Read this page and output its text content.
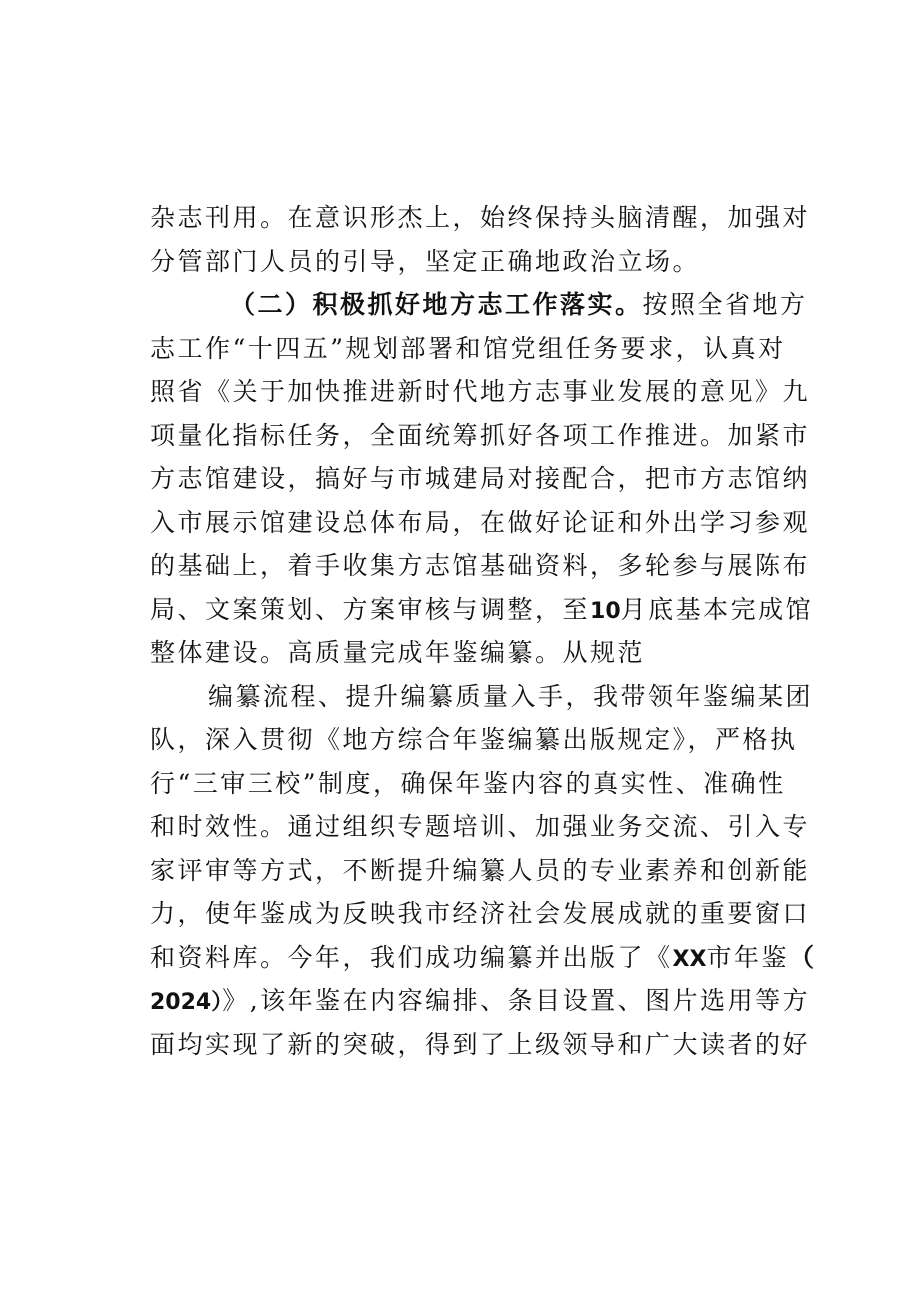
杂志刊用。在意识形杰上，始终保持头脑清醒，加强对
分管部门人员的引导，坚定正确地政治立场。
（二）积极抓好地方志工作落实。按照全省地方
志工作“十四五”规划部署和馆党组任务要求，认真对
照省《关于加快推进新时代地方志事业发展的意见》九
项量化指标任务，全面统筹抓好各项工作推进。加紧市
方志馆建设，搞好与市城建局对接配合，把市方志馆纳
入市展示馆建设总体布局，在做好论证和外出学习参观
的基础上，着手收集方志馆基础资料，多轮参与展陈布
局、文案策划、方案审核与调整，至10月底基本完成馆
整体建设。高质量完成年鉴编纂。从规范
编纂流程、提升编纂质量入手，我带领年鉴编某团
队，深入贯彻《地方综合年鉴编纂出版规定》，严格执
行“三审三校”制度，确保年鉴内容的真实性、准确性
和时效性。通过组织专题培训、加强业务交流、引入专
家评审等方式，不断提升编纂人员的专业素养和创新能
力，使年鉴成为反映我市经济社会发展成就的重要窗口
和资料库。今年，我们成功编纂并出版了《XX市年鉴（
2024）》,该年鉴在内容编排、条目设置、图片选用等方
面均实现了新的突破，得到了上级领导和广大读者的好
